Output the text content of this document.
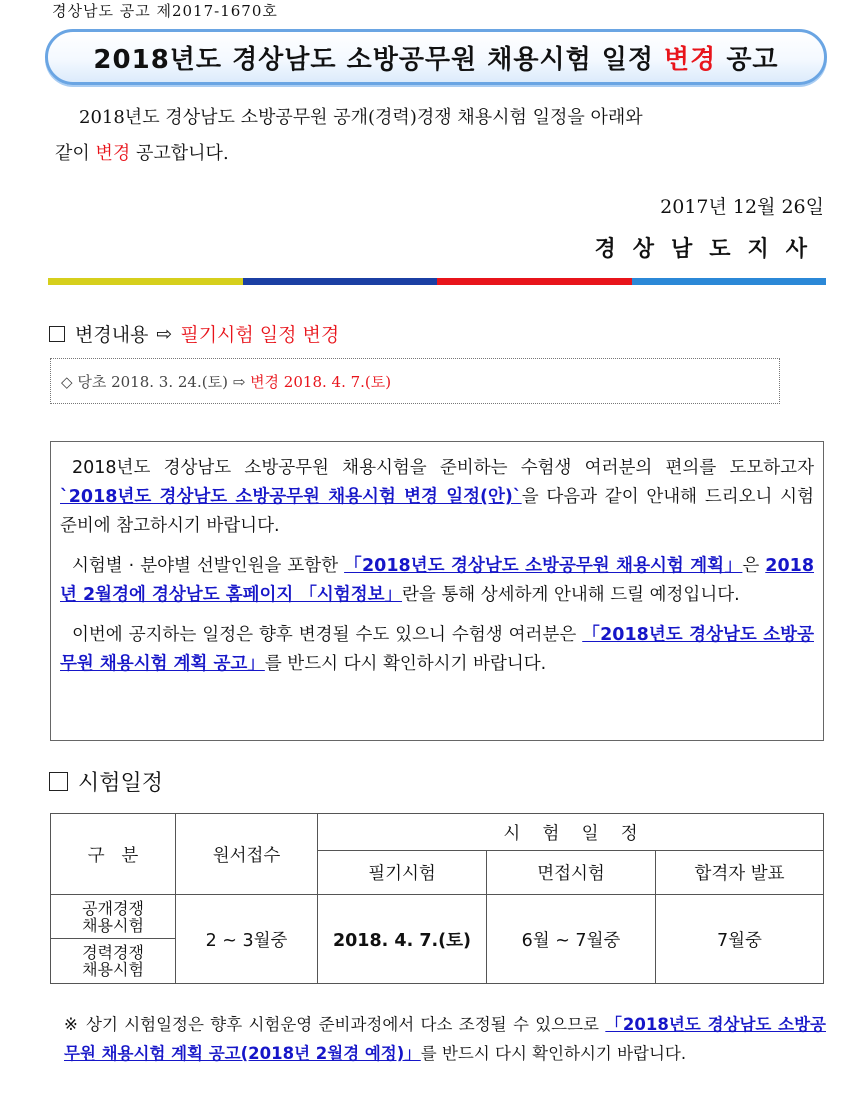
경상남도 공고 제2017-1670호
2018년도 경상남도 소방공무원 채용시험 일정 변경 공고
2018년도 경상남도 소방공무원 공개(경력)경쟁 채용시험 일정을 아래와
같이 변경 공고합니다.
2017년 12월 26일
경상남도지사
변경내용 ⇨ 필기시험 일정 변경
◇ 당초 2018. 3. 24.(토) ⇨ 변경 2018. 4. 7.(토)

2018년도 경상남도 소방공무원 채용시험을 준비하는 수험생 여러분의 편의를 도모하고자 `2018년도 경상남도 소방공무원 채용시험 변경 일정(안)`을 다음과 같이 안내해 드리오니 시험 준비에 참고하시기 바랍니다.

시험별 · 분야별 선발인원을 포함한 「2018년도 경상남도 소방공무원 채용시험 계획」은 2018년 2월경에 경상남도 홈페이지 「시험정보」란을 통해 상세하게 안내해 드릴 예정입니다.

이번에 공지하는 일정은 향후 변경될 수도 있으니 수험생 여러분은 「2018년도 경상남도 소방공무원 채용시험 계획 공고」를 반드시 다시 확인하시기 바랍니다.

시험일정
구   분	원서접수	시    험    일    정		
		필기시험	면접시험	합격자 발표
공개경쟁
채용시험	2 ~ 3월중	2018. 4. 7.(토)	6월 ~ 7월중	7월중
경력경쟁
채용시험				
※ 상기 시험일정은 향후 시험운영 준비과정에서 다소 조정될 수 있으므로 「2018년도 경상남도 소방공무원 채용시험 계획 공고(2018년 2월경 예정)」를 반드시 다시 확인하시기 바랍니다.
